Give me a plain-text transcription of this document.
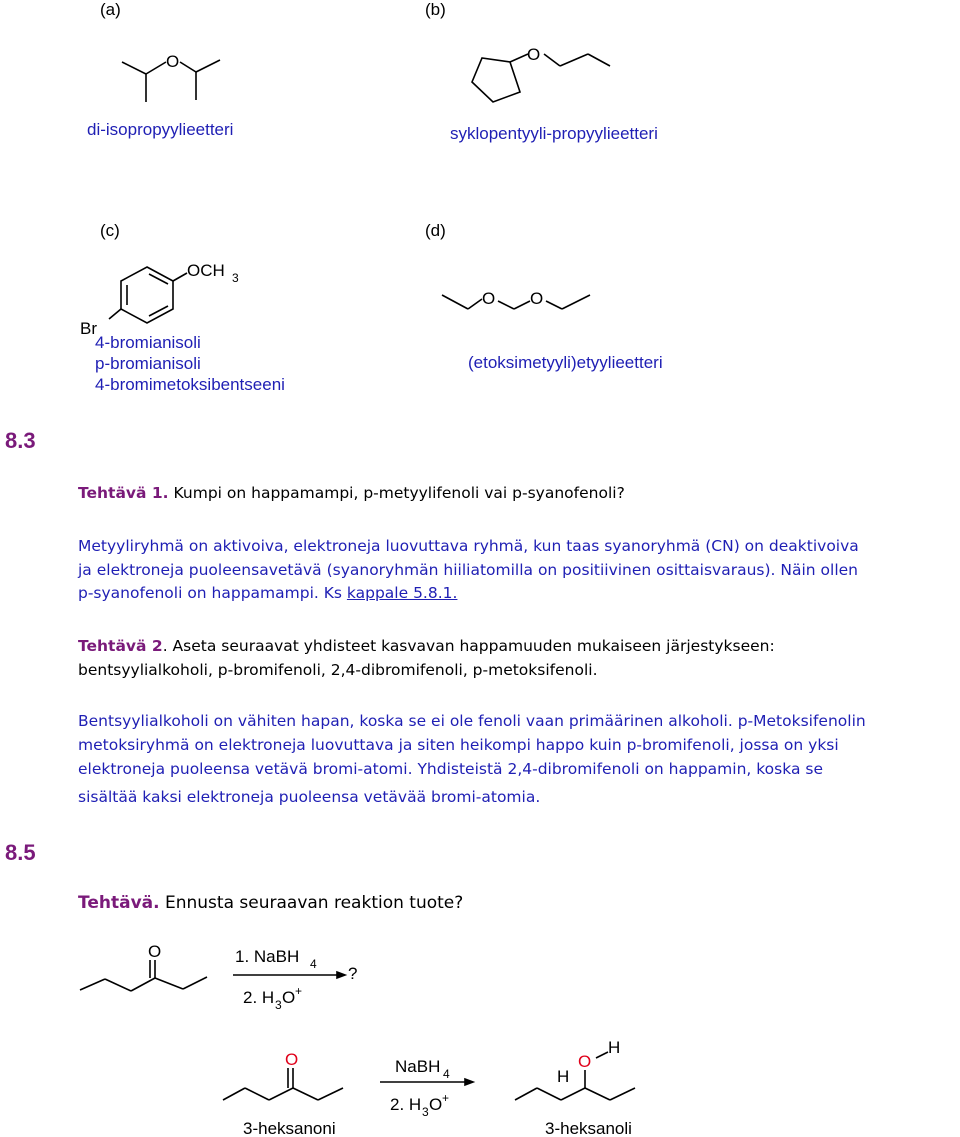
(a)
O
di-isopropyylieetteri
(b)
O
syklopentyyli-propyylieetteri
(c)
OCH 3
Br
4-bromianisoli
p-bromianisoli
4-bromimetoksibentseeni
(d)
O O
(etoksimetyyli)etyylieetteri
8.3
Tehtävä 1. Kumpi on happamampi, p-metyylifenoli vai p-syanofenoli?
Metyyliryhmä on aktivoiva, elektroneja luovuttava ryhmä, kun taas syanoryhmä (CN) on deaktivoiva
ja elektroneja puoleensavetävä (syanoryhmän hiiliatomilla on positiivinen osittaisvaraus). Näin ollen
p-syanofenoli on happamampi. Ks kappale 5.8.1.
Tehtävä 2. Aseta seuraavat yhdisteet kasvavan happamuuden mukaiseen järjestykseen:
bentsyylialkoholi, p-bromifenoli, 2,4-dibromifenoli, p-metoksifenoli.
Bentsyylialkoholi on vähiten hapan, koska se ei ole fenoli vaan primäärinen alkoholi. p-Metoksifenolin
metoksiryhmä on elektroneja luovuttava ja siten heikompi happo kuin p-bromifenoli, jossa on yksi
elektroneja puoleensa vetävä bromi-atomi. Yhdisteistä 2,4-dibromifenoli on happamin, koska se
sisältää kaksi elektroneja puoleensa vetävää bromi-atomia.
8.5
Tehtävä. Ennusta seuraavan reaktion tuote?
O	1. NaBH 4
2. H 3 O +
?
O	NaBH 4
2. H 3 O +
O
H
H
3-heksanoni	3-heksanoli
